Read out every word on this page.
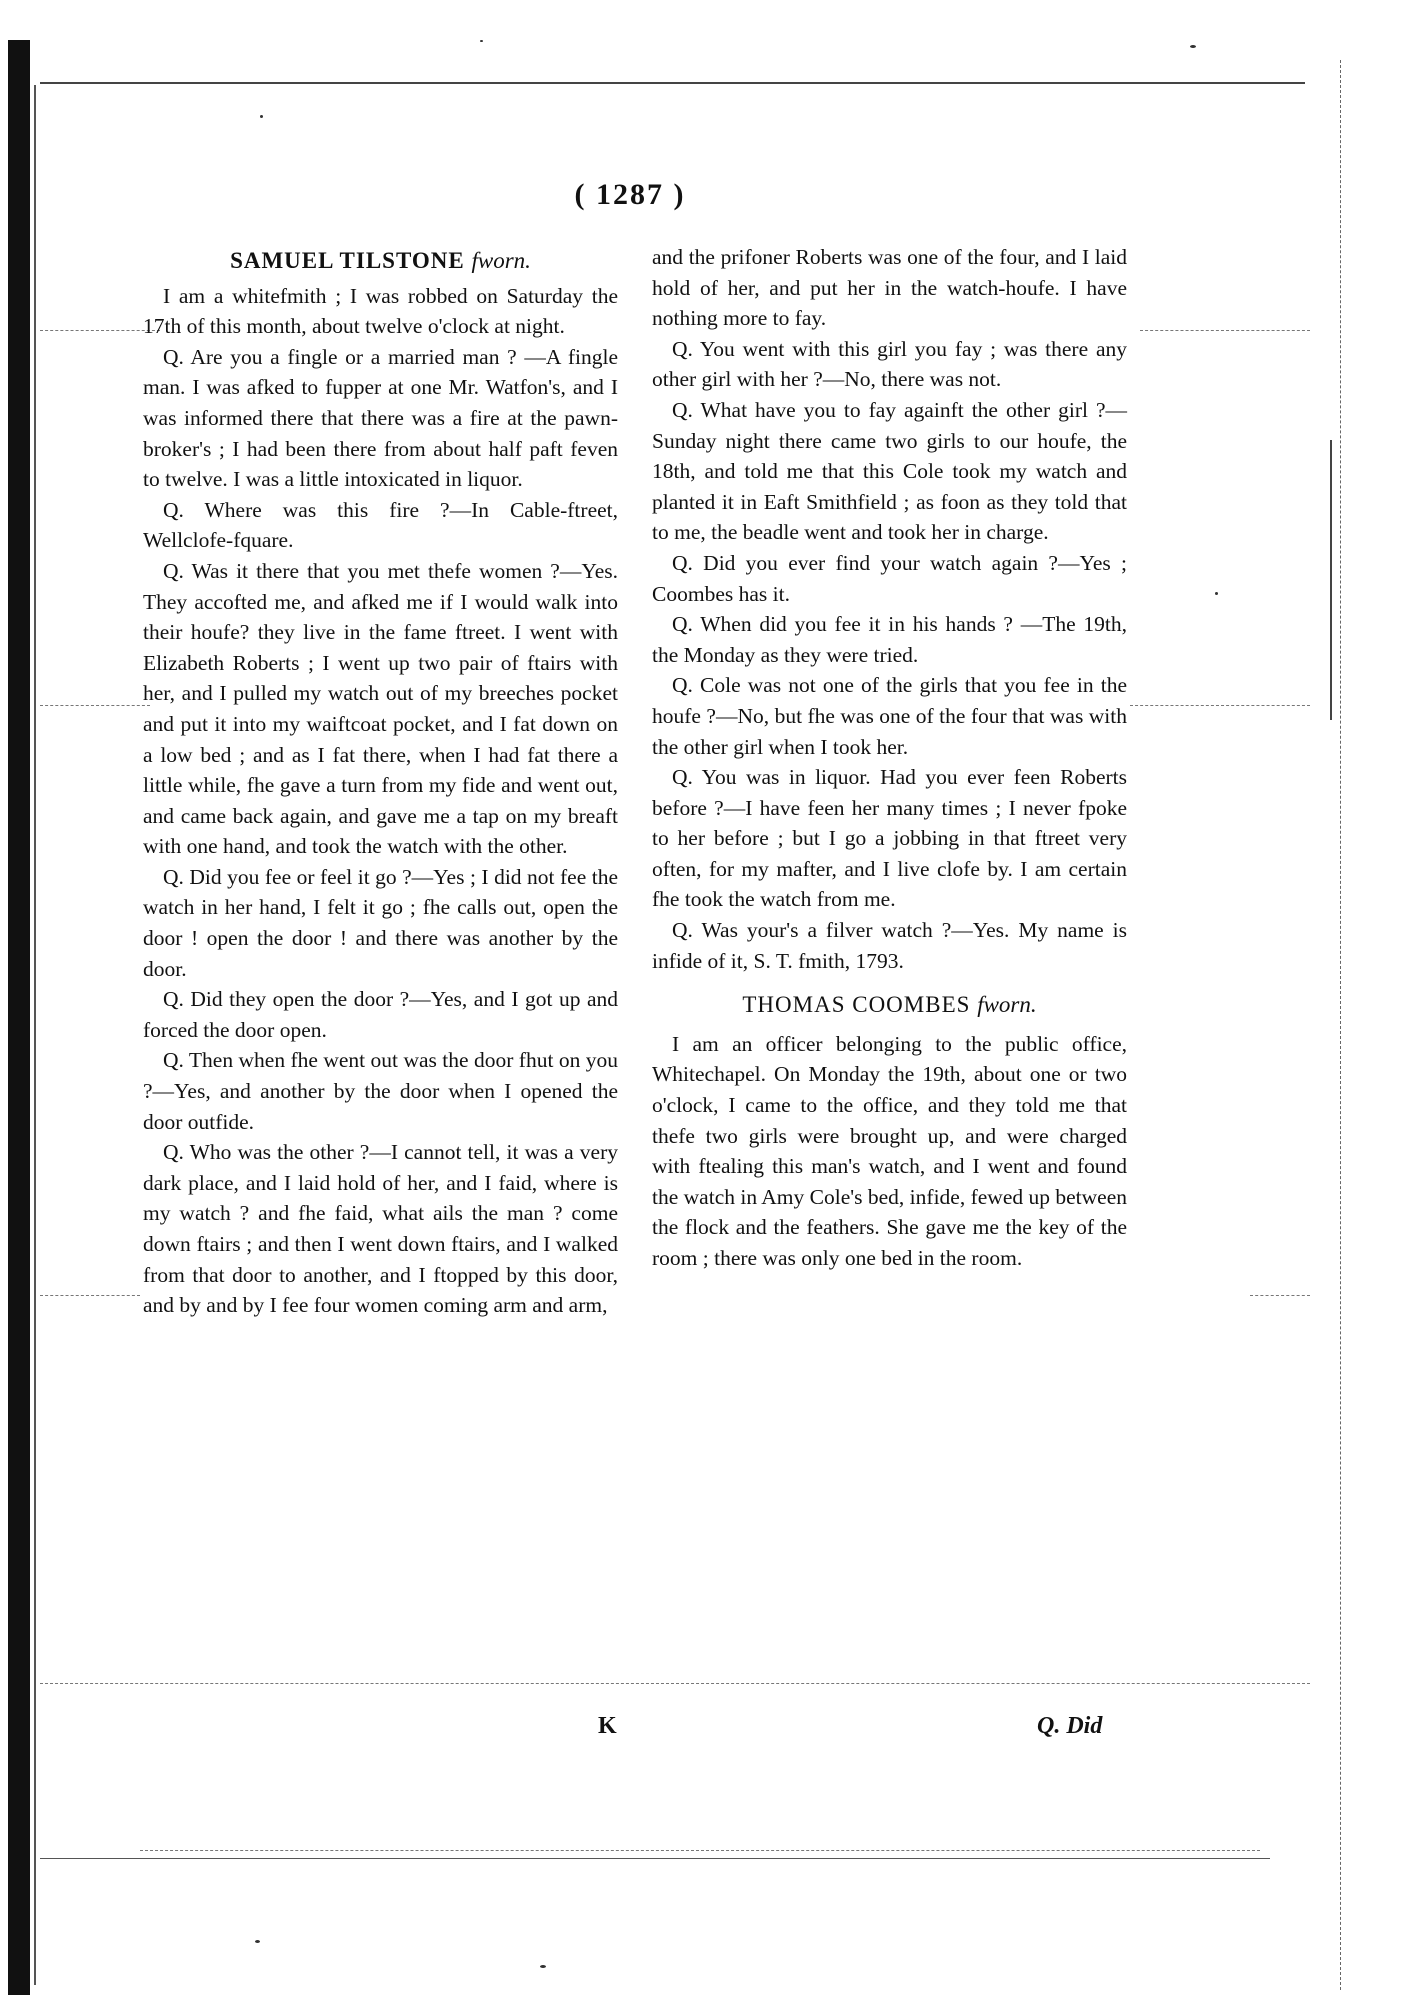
( 1287 )
SAMUEL TILSTONE fworn.

I am a whitefmith ; I was robbed on Saturday the 17th of this month, about twelve o'clock at night.

Q. Are you a fingle or a married man ? —A fingle man. I was afked to fupper at one Mr. Watfon's, and I was informed there that there was a fire at the pawn-broker's ; I had been there from about half paft feven to twelve. I was a little intoxicated in liquor.

Q. Where was this fire ?—In Cable-ftreet, Wellclofe-fquare.

Q. Was it there that you met thefe women ?—Yes. They accofted me, and afked me if I would walk into their houfe? they live in the fame ftreet. I went with Elizabeth Roberts ; I went up two pair of ftairs with her, and I pulled my watch out of my breeches pocket and put it into my waiftcoat pocket, and I fat down on a low bed ; and as I fat there, when I had fat there a little while, fhe gave a turn from my fide and went out, and came back again, and gave me a tap on my breaft with one hand, and took the watch with the other.

Q. Did you fee or feel it go ?—Yes ; I did not fee the watch in her hand, I felt it go ; fhe calls out, open the door ! open the door ! and there was another by the door.

Q. Did they open the door ?—Yes, and I got up and forced the door open.

Q. Then when fhe went out was the door fhut on you ?—Yes, and another by the door when I opened the door outfide.

Q. Who was the other ?—I cannot tell, it was a very dark place, and I laid hold of her, and I faid, where is my watch ? and fhe faid, what ails the man ? come down ftairs ; and then I went down ftairs, and I walked from that door to another, and I ftopped by this door, and by and by I fee four women coming arm and arm,

and the prifoner Roberts was one of the four, and I laid hold of her, and put her in the watch-houfe. I have nothing more to fay.

Q. You went with this girl you fay ; was there any other girl with her ?—No, there was not.

Q. What have you to fay againft the other girl ?—Sunday night there came two girls to our houfe, the 18th, and told me that this Cole took my watch and planted it in Eaft Smithfield ; as foon as they told that to me, the beadle went and took her in charge.

Q. Did you ever find your watch again ?—Yes ; Coombes has it.

Q. When did you fee it in his hands ? —The 19th, the Monday as they were tried.

Q. Cole was not one of the girls that you fee in the houfe ?—No, but fhe was one of the four that was with the other girl when I took her.

Q. You was in liquor. Had you ever feen Roberts before ?—I have feen her many times ; I never fpoke to her before ; but I go a jobbing in that ftreet very often, for my mafter, and I live clofe by. I am certain fhe took the watch from me.

Q. Was your's a filver watch ?—Yes. My name is infide of it, S. T. fmith, 1793.

THOMAS COOMBES fworn.

I am an officer belonging to the public office, Whitechapel. On Monday the 19th, about one or two o'clock, I came to the office, and they told me that thefe two girls were brought up, and were charged with ftealing this man's watch, and I went and found the watch in Amy Cole's bed, infide, fewed up between the flock and the feathers. She gave me the key of the room ; there was only one bed in the room.

K	Q. Did
